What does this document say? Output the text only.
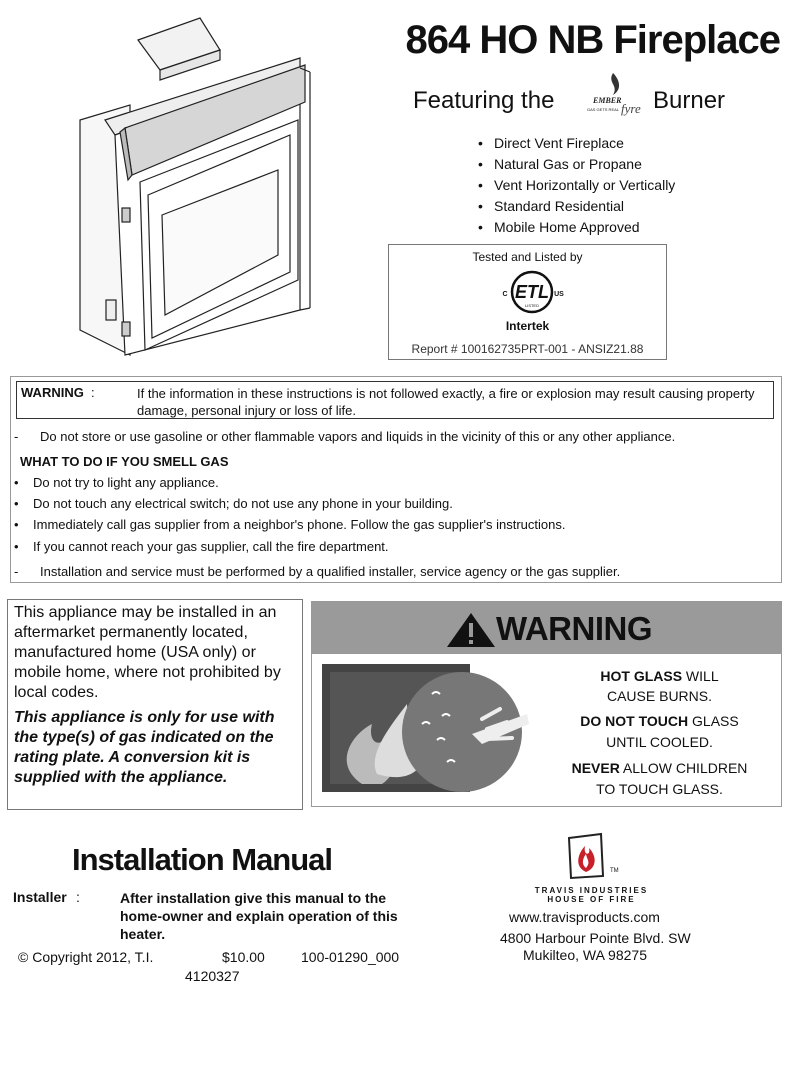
864 HO NB Fireplace
Featuring the	EMBER
GAS GETS REAL fyre Burner
• Direct Vent Fireplace
• Natural Gas or Propane
• Vent Horizontally or Vertically
• Standard Residential
• Mobile Home Approved
Tested and Listed by
ETL
C	US
LISTED
Intertek
Report # 100162735PRT-001 - ANSIZ21.88
WARNING :	If the information in these instructions is not followed exactly, a fire or explosion may result causing property damage, personal injury or loss of life.
- Do not store or use gasoline or other flammable vapors and liquids in the vicinity of this or any other appliance.
WHAT TO DO IF YOU SMELL GAS
• Do not try to light any appliance.
• Do not touch any electrical switch; do not use any phone in your building.
• Immediately call gas supplier from a neighbor's phone. Follow the gas supplier's instructions.
• If you cannot reach your gas supplier, call the fire department.
- Installation and service must be performed by a qualified installer, service agency or the gas supplier.
This appliance may be installed in an aftermarket permanently located, manufactured home (USA only) or mobile home, where not prohibited by local codes.
This appliance is only for use with the type(s) of gas indicated on the rating plate. A conversion kit is supplied with the appliance.
WARNING
HOT GLASS WILL
CAUSE BURNS.
DO NOT TOUCH GLASS
UNTIL COOLED.
NEVER ALLOW CHILDREN
TO TOUCH GLASS.
Installation Manual
Installer :	After installation give this manual to the home-owner and explain operation of this heater.
© Copyright 2012, T.I.	$10.00	100-01290_000
4120327
TM
TRAVIS INDUSTRIES
HOUSE OF FIRE
www.travisproducts.com
4800 Harbour Pointe Blvd. SW
Mukilteo, WA 98275
